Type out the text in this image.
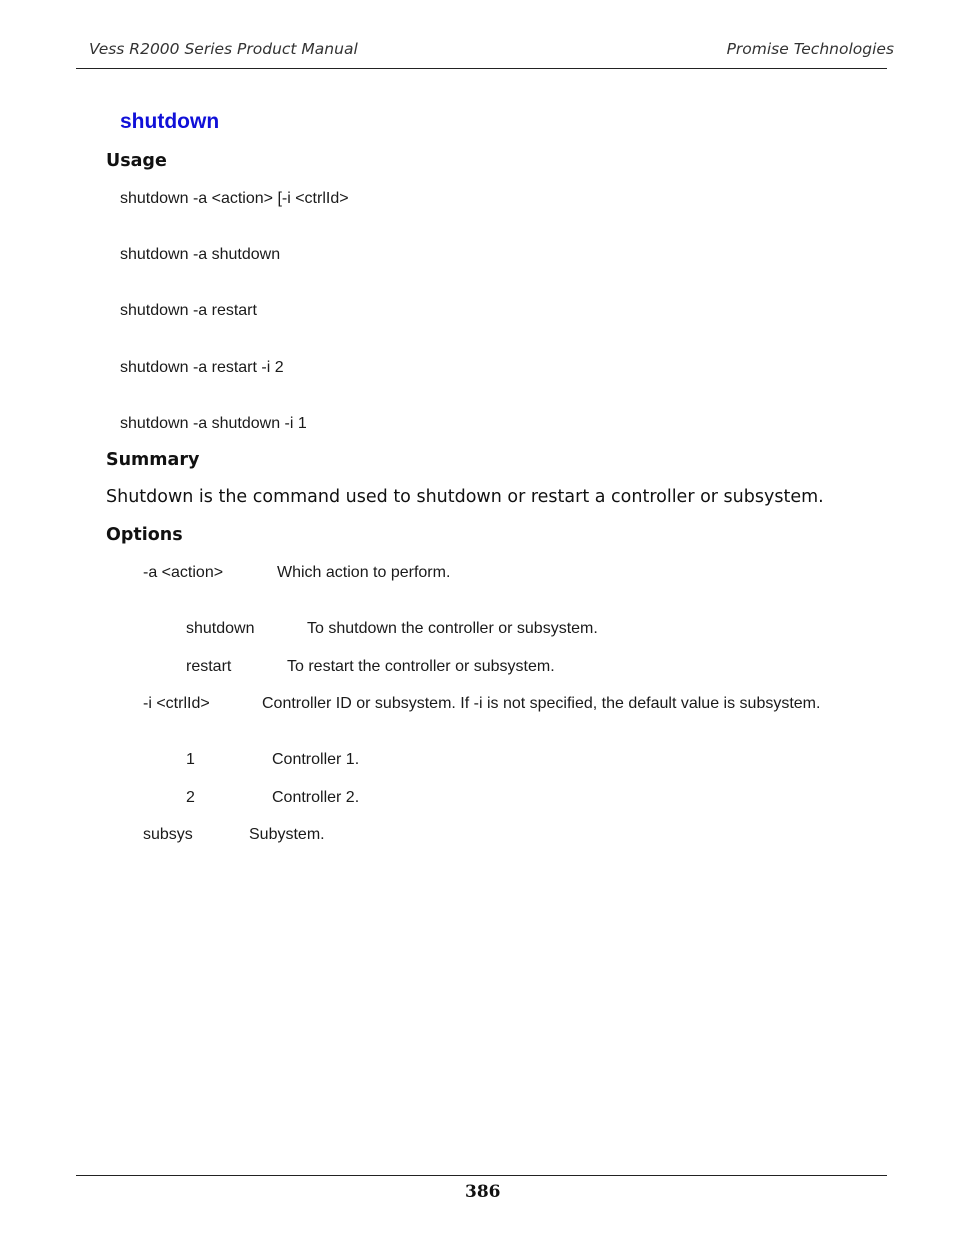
Vess R2000 Series Product Manual	Promise Technologies
shutdown
Usage
shutdown -a <action> [-i <ctrlId>
shutdown -a shutdown
shutdown -a restart
shutdown -a restart -i 2
shutdown -a shutdown -i 1
Summary
Shutdown is the command used to shutdown or restart a controller or subsystem.
Options
-a <action>	Which action to perform.
shutdown	To shutdown the controller or subsystem.
restart	To restart the controller or subsystem.
-i <ctrlId>	Controller ID or subsystem. If -i is not specified, the default value is subsystem.
1	Controller 1.
2	Controller 2.
subsys	Subystem.
386
